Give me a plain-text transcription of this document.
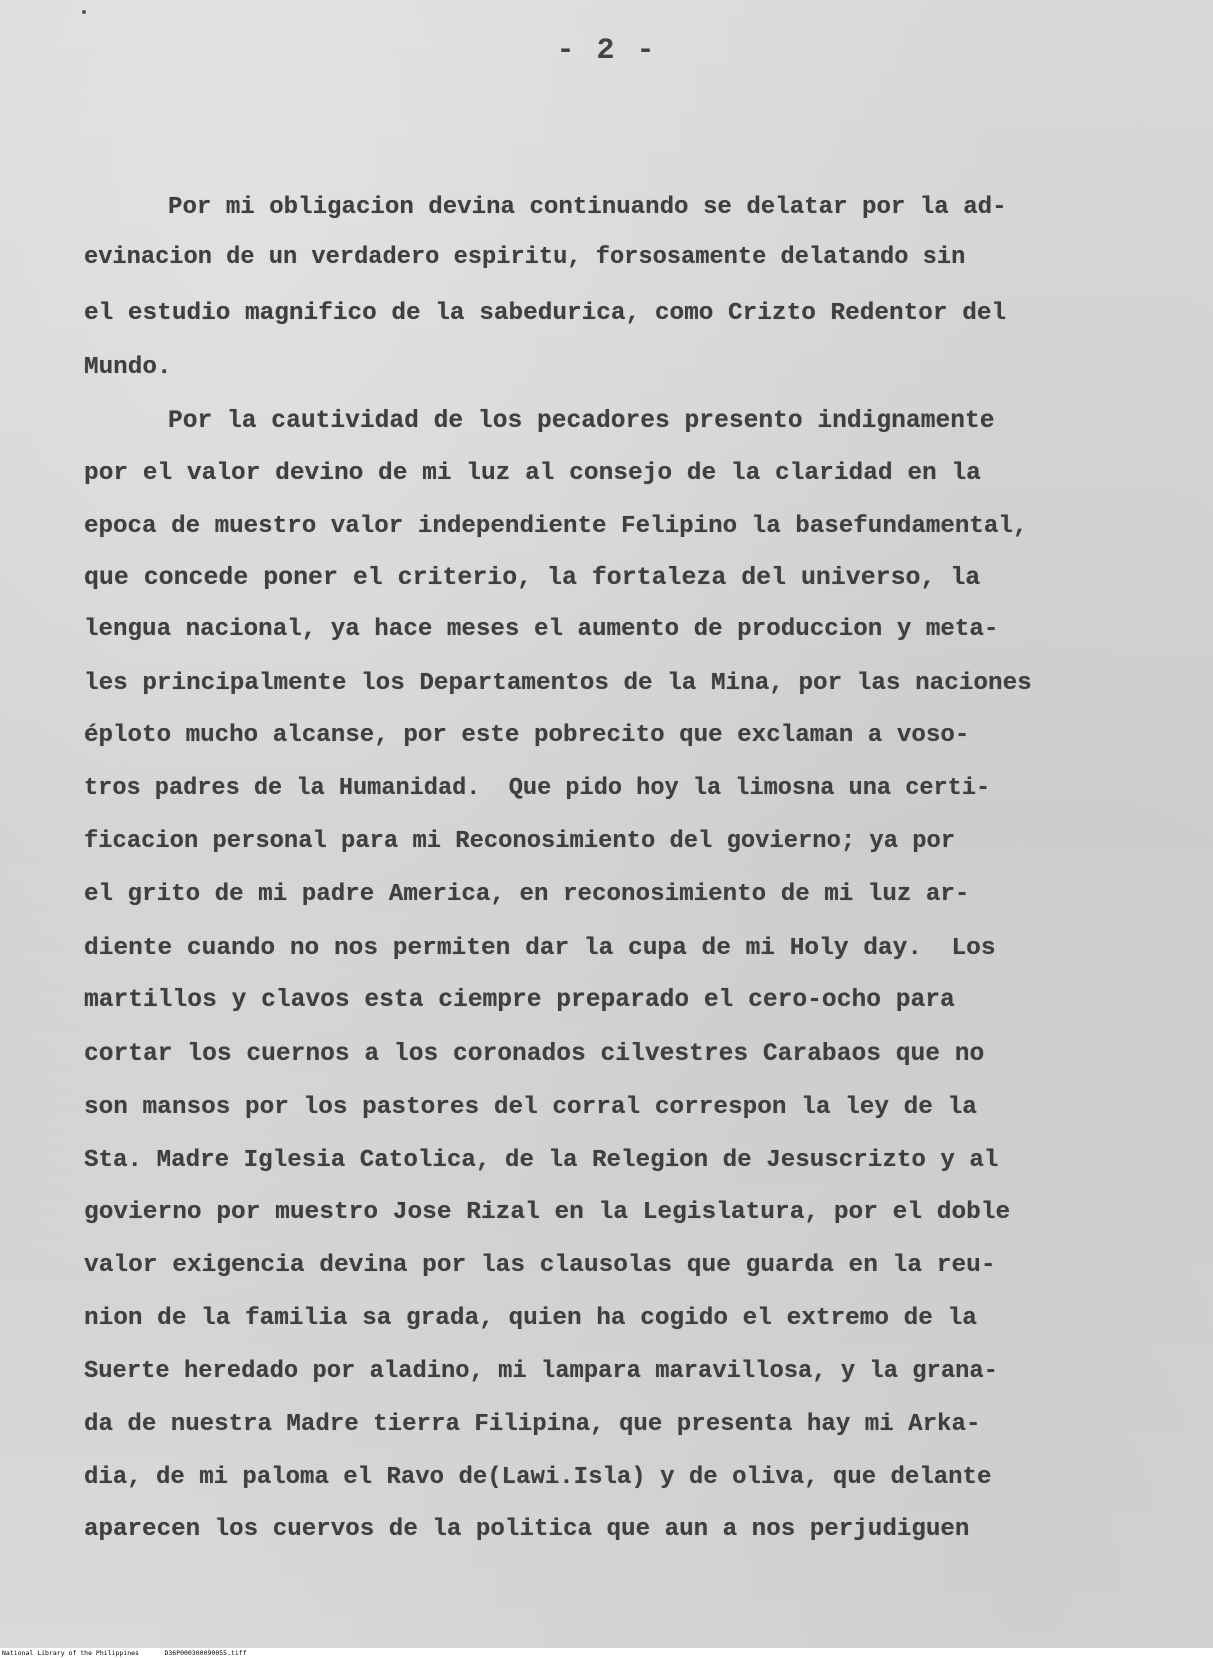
- 2 -
Por mi obligacion devina continuando se delatar por la ad-
evinacion de un verdadero espiritu, forsosamente delatando sin
el estudio magnifico de la sabedurica, como Crizto Redentor del
Mundo.
Por la cautividad de los pecadores presento indignamente
por el valor devino de mi luz al consejo de la claridad en la
epoca de muestro valor independiente Felipino la basefundamental,
que concede poner el criterio, la fortaleza del universo, la
lengua nacional, ya hace meses el aumento de produccion y meta-
les principalmente los Departamentos de la Mina, por las naciones
éploto mucho alcanse, por este pobrecito que exclaman a voso-
tros padres de la Humanidad.  Que pido hoy la limosna una certi-
ficacion personal para mi Reconosimiento del govierno; ya por
el grito de mi padre America, en reconosimiento de mi luz ar-
diente cuando no nos permiten dar la cupa de mi Holy day.  Los
martillos y clavos esta ciempre preparado el cero-ocho para
cortar los cuernos a los coronados cilvestres Carabaos que no
son mansos por los pastores del corral correspon la ley de la
Sta. Madre Iglesia Catolica, de la Relegion de Jesuscrizto y al
govierno por muestro Jose Rizal en la Legislatura, por el doble
valor exigencia devina por las clausolas que guarda en la reu-
nion de la familia sa grada, quien ha cogido el extremo de la
Suerte heredado por aladino, mi lampara maravillosa, y la grana-
da de nuestra Madre tierra Filipina, que presenta hay mi Arka-
dia, de mi paloma el Ravo de(Lawi.Isla) y de oliva, que delante
aparecen los cuervos de la politica que aun a nos perjudiguen
National Library of the Philippines	D36P000300090055.tiff
